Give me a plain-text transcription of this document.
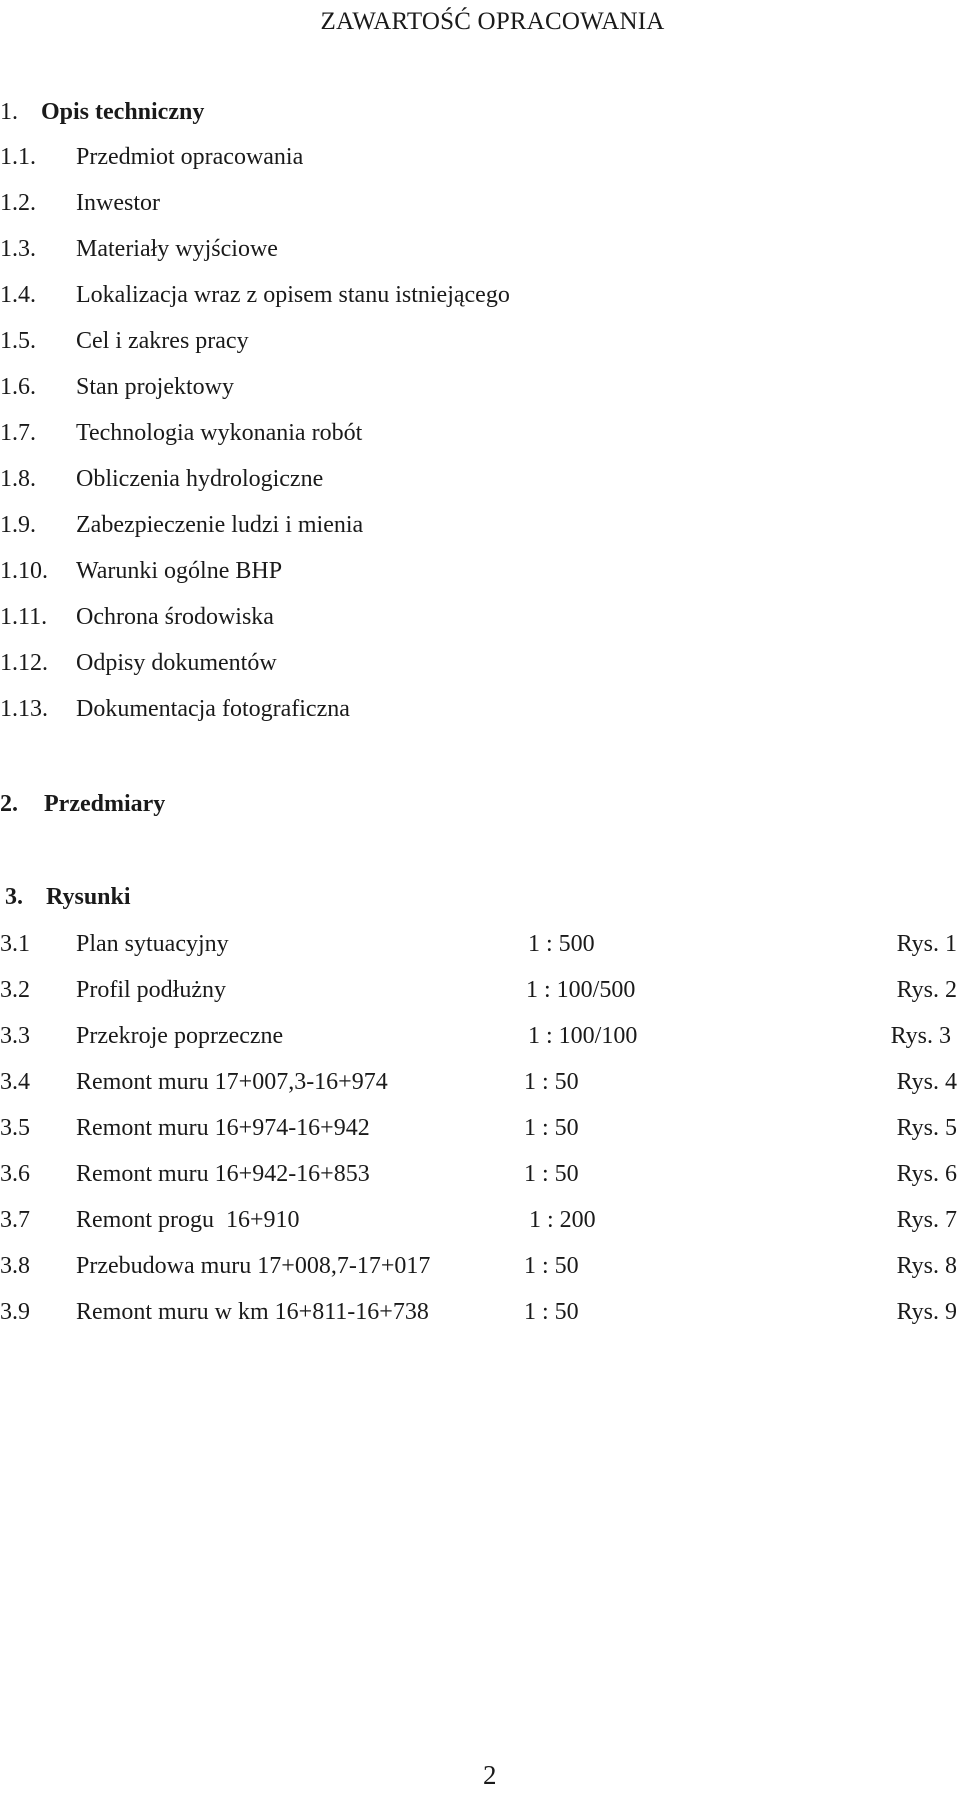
ZAWARTOŚĆ OPRACOWANIA
1. Opis techniczny
1.1. Przedmiot opracowania
1.2. Inwestor
1.3. Materiały wyjściowe
1.4. Lokalizacja wraz z opisem stanu istniejącego
1.5. Cel i zakres pracy
1.6. Stan projektowy
1.7. Technologia wykonania robót
1.8. Obliczenia hydrologiczne
1.9. Zabezpieczenie ludzi i mienia
1.10. Warunki ogólne BHP
1.11. Ochrona środowiska
1.12. Odpisy dokumentów
1.13. Dokumentacja fotograficzna
2. Przedmiary
3. Rysunki
3.1 Plan sytuacyjny	1 : 500	Rys. 1
3.2 Profil podłużny	1 : 100/500	Rys. 2
3.3 Przekroje poprzeczne	1 : 100/100	Rys. 3
3.4 Remont muru 17+007,3-16+974	1 : 50	Rys. 4
3.5 Remont muru 16+974-16+942	1 : 50	Rys. 5
3.6 Remont muru 16+942-16+853	1 : 50	Rys. 6
3.7 Remont progu  16+910	1 : 200	Rys. 7
3.8 Przebudowa muru 17+008,7-17+017	1 : 50	Rys. 8
3.9 Remont muru w km 16+811-16+738	1 : 50	Rys. 9
2
